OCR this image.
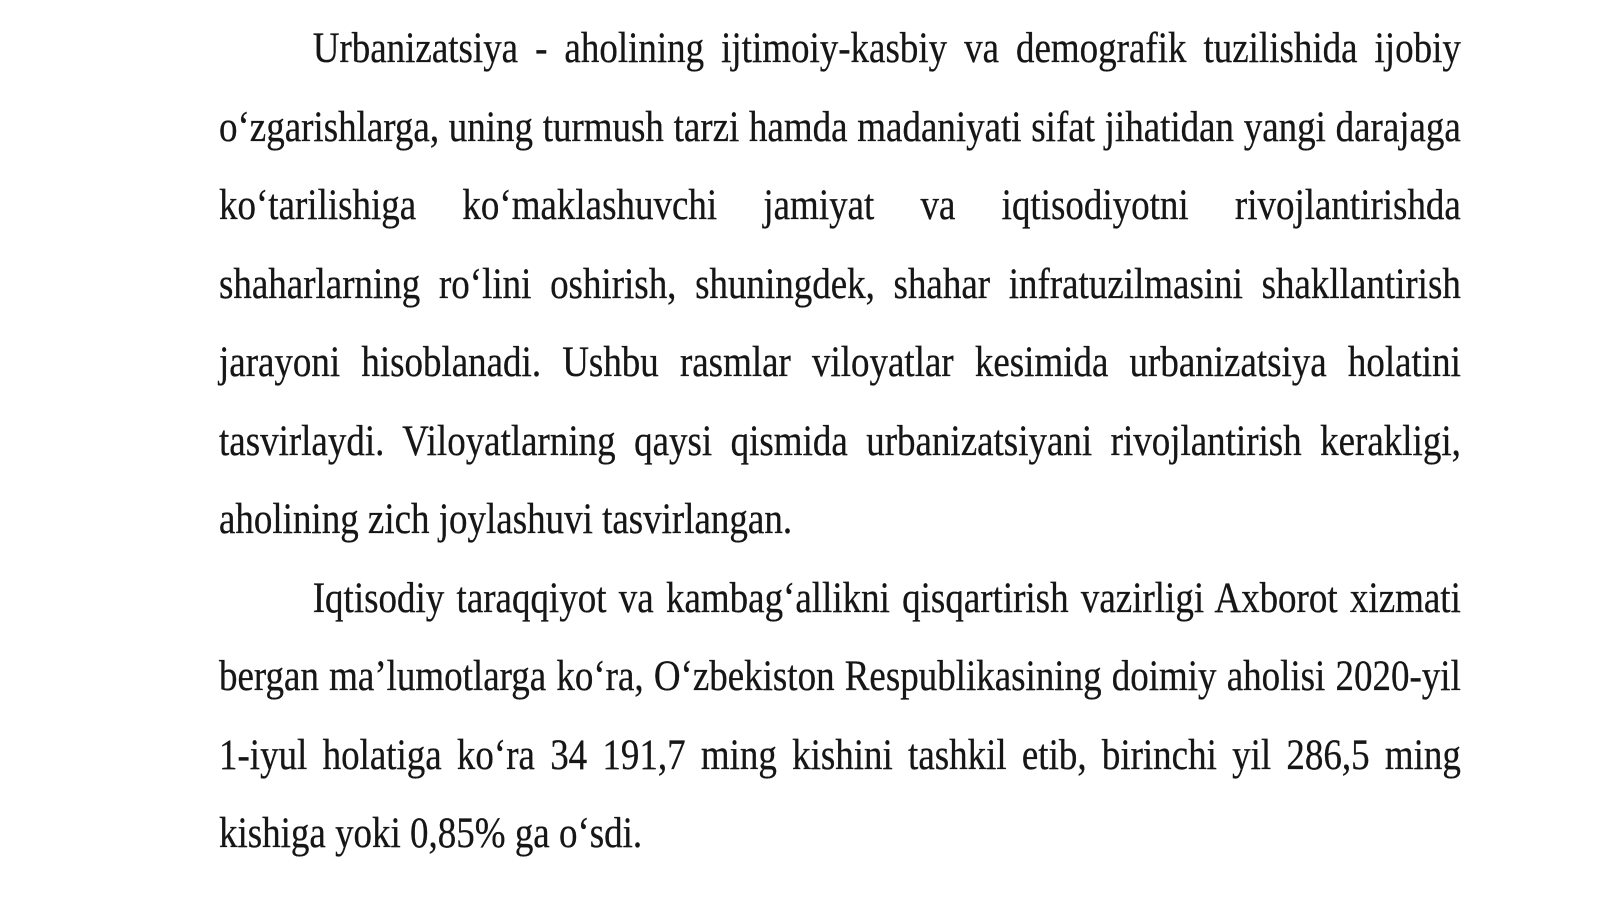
Urbanizatsiya - aholining ijtimoiy-kasbiy va demografik tuzilishida ijobiy o‘zgarishlarga, uning turmush tarzi hamda madaniyati sifat jihatidan yangi darajaga ko‘tarilishiga ko‘maklashuvchi jamiyat va iqtisodiyotni rivojlantirishda shaharlarning ro‘lini oshirish, shuningdek, shahar infratuzilmasini shakllantirish jarayoni hisoblanadi. Ushbu rasmlar viloyatlar kesimida urbanizatsiya holatini tasvirlaydi. Viloyatlarning qaysi qismida urbanizatsiyani rivojlantirish kerakligi, aholining zich joylashuvi tasvirlangan.

Iqtisodiy taraqqiyot va kambag‘allikni qisqartirish vazirligi Axborot xizmati bergan ma’lumotlarga ko‘ra, O‘zbekiston Respublikasining doimiy aholisi 2020-yil 1-iyul holatiga ko‘ra 34 191,7 ming kishini tashkil etib, birinchi yil 286,5 ming kishiga yoki 0,85% ga o‘sdi.
